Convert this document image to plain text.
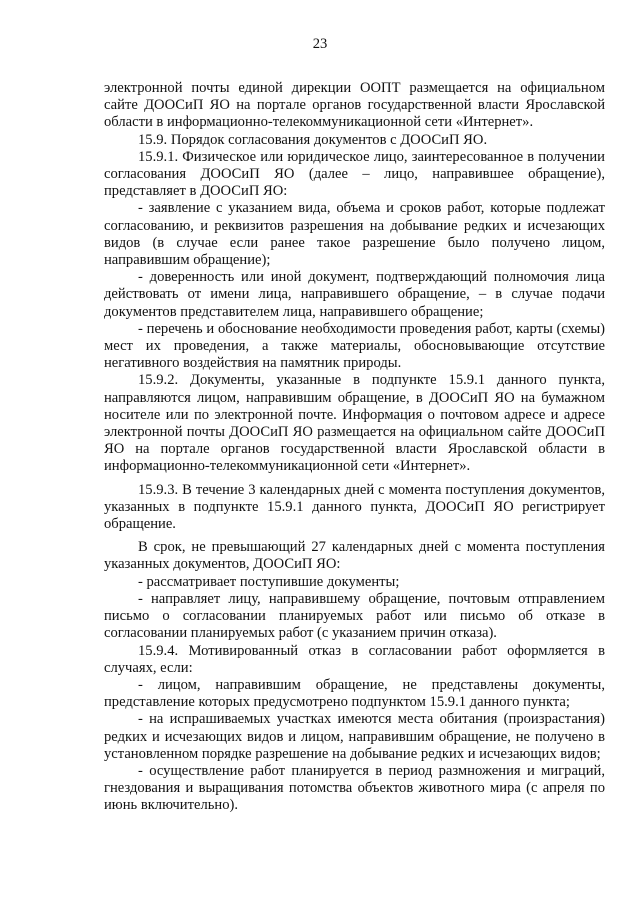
23

электронной почты единой дирекции ООПТ размещается на официальном сайте ДООСиП ЯО на портале органов государственной власти Ярославской области в информационно-телекоммуникационной сети «Интернет».

15.9. Порядок согласования документов с ДООСиП ЯО.

15.9.1. Физическое или юридическое лицо, заинтересованное в получении согласования ДООСиП ЯО (далее – лицо, направившее обращение), представляет в ДООСиП ЯО:

- заявление с указанием вида, объема и сроков работ, которые подлежат согласованию, и реквизитов разрешения на добывание редких и исчезающих видов (в случае если ранее такое разрешение было получено лицом, направившим обращение);

- доверенность или иной документ, подтверждающий полномочия лица действовать от имени лица, направившего обращение, – в случае подачи документов представителем лица, направившего обращение;

- перечень и обоснование необходимости проведения работ, карты (схемы) мест их проведения, а также материалы, обосновывающие отсутствие негативного воздействия на памятник природы.

15.9.2. Документы, указанные в подпункте 15.9.1 данного пункта, направляются лицом, направившим обращение, в ДООСиП ЯО на бумажном носителе или по электронной почте. Информация о почтовом адресе и адресе электронной почты ДООСиП ЯО размещается на официальном сайте ДООСиП ЯО на портале органов государственной власти Ярославской области в информационно-телекоммуникационной сети «Интернет».

15.9.3. В течение 3 календарных дней с момента поступления документов, указанных в подпункте 15.9.1 данного пункта, ДООСиП ЯО регистрирует обращение.

В срок, не превышающий 27 календарных дней с момента поступления указанных документов, ДООСиП ЯО:

- рассматривает поступившие документы;

- направляет лицу, направившему обращение, почтовым отправлением письмо о согласовании планируемых работ или письмо об отказе в согласовании планируемых работ (с указанием причин отказа).

15.9.4. Мотивированный отказ в согласовании работ оформляется в случаях, если:

- лицом, направившим обращение, не представлены документы, представление которых предусмотрено подпунктом 15.9.1 данного пункта;

- на испрашиваемых участках имеются места обитания (произрастания) редких и исчезающих видов и лицом, направившим обращение, не получено в установленном порядке разрешение на добывание редких и исчезающих видов;

- осуществление работ планируется в период размножения и миграций, гнездования и выращивания потомства объектов животного мира (с апреля по июнь включительно).
